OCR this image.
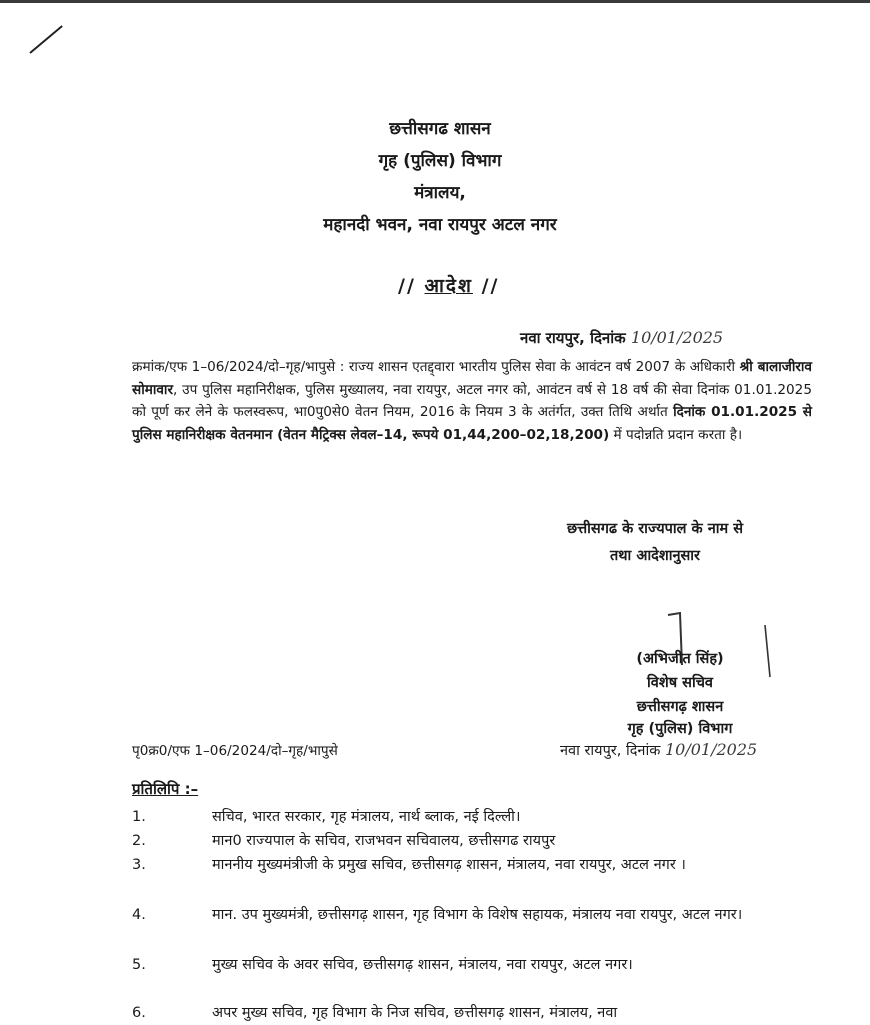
छत्तीसगढ शासन
गृह (पुलिस) विभाग
मंत्रालय,
महानदी भवन, नवा रायपुर अटल नगर
// आदेश //
नवा रायपुर, दिनांक 10/01/2025
क्रमांक/एफ 1–06/2024/दो–गृह/भापुसे : राज्य शासन एतद्द्वारा भारतीय पुलिस सेवा के आवंटन वर्ष 2007 के अधिकारी श्री बालाजीराव सोमावार, उप पुलिस महानिरीक्षक, पुलिस मुख्यालय, नवा रायपुर, अटल नगर को, आवंटन वर्ष से 18 वर्ष की सेवा दिनांक 01.01.2025 को पूर्ण कर लेने के फलस्वरूप, भा0पु0से0 वेतन नियम, 2016 के नियम 3 के अतंर्गत, उक्त तिथि अर्थात दिनांक 01.01.2025 से पुलिस महानिरीक्षक वेतनमान (वेतन मैट्रिक्स लेवल–14, रूपये 01,44,200–02,18,200) में पदोन्नति प्रदान करता है।
छत्तीसगढ के राज्यपाल के नाम से
तथा आदेशानुसार
(अभिजीत सिंह)
विशेष सचिव
छत्तीसगढ़ शासन
गृह (पुलिस) विभाग
पृ0क्र0/एफ 1–06/2024/दो–गृह/भापुसे	नवा रायपुर, दिनांक 10/01/2025
प्रतिलिपि :–
1.	सचिव, भारत सरकार, गृह मंत्रालय, नार्थ ब्लाक, नई दिल्ली।
2.	मान0 राज्यपाल के सचिव, राजभवन सचिवालय, छत्तीसगढ रायपुर
3.	माननीय मुख्यमंत्रीजी के प्रमुख सचिव, छत्तीसगढ़ शासन, मंत्रालय, नवा रायपुर, अटल नगर ।
4.	मान. उप मुख्यमंत्री, छत्तीसगढ़ शासन, गृह विभाग के विशेष सहायक, मंत्रालय नवा रायपुर, अटल नगर।
5.	मुख्य सचिव के अवर सचिव, छत्तीसगढ़ शासन, मंत्रालय, नवा रायपुर, अटल नगर।
6.	अपर मुख्य सचिव, गृह विभाग के निज सचिव, छत्तीसगढ़ शासन, मंत्रालय, नवा
